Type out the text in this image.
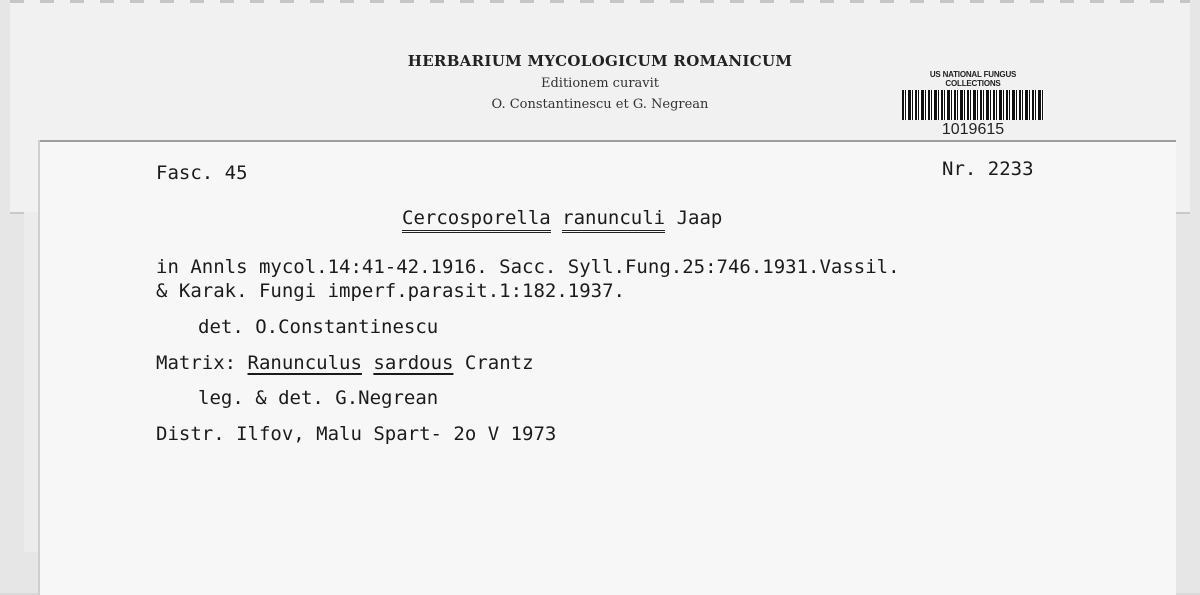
HERBARIUM MYCOLOGICUM ROMANICUM
Editionem curavit
O. Constantinescu et G. Negrean
US NATIONAL FUNGUS COLLECTIONS
1019615
Fasc. 45	Nr. 2233
Cercosporella ranunculi Jaap
in Annls mycol.14:41-42.1916. Sacc. Syll.Fung.25:746.1931.Vassil.
& Karak. Fungi imperf.parasit.1:182.1937.
det. O.Constantinescu
Matrix: Ranunculus sardous Crantz
leg. & det. G.Negrean
Distr. Ilfov, Malu Spart- 2o V 1973
